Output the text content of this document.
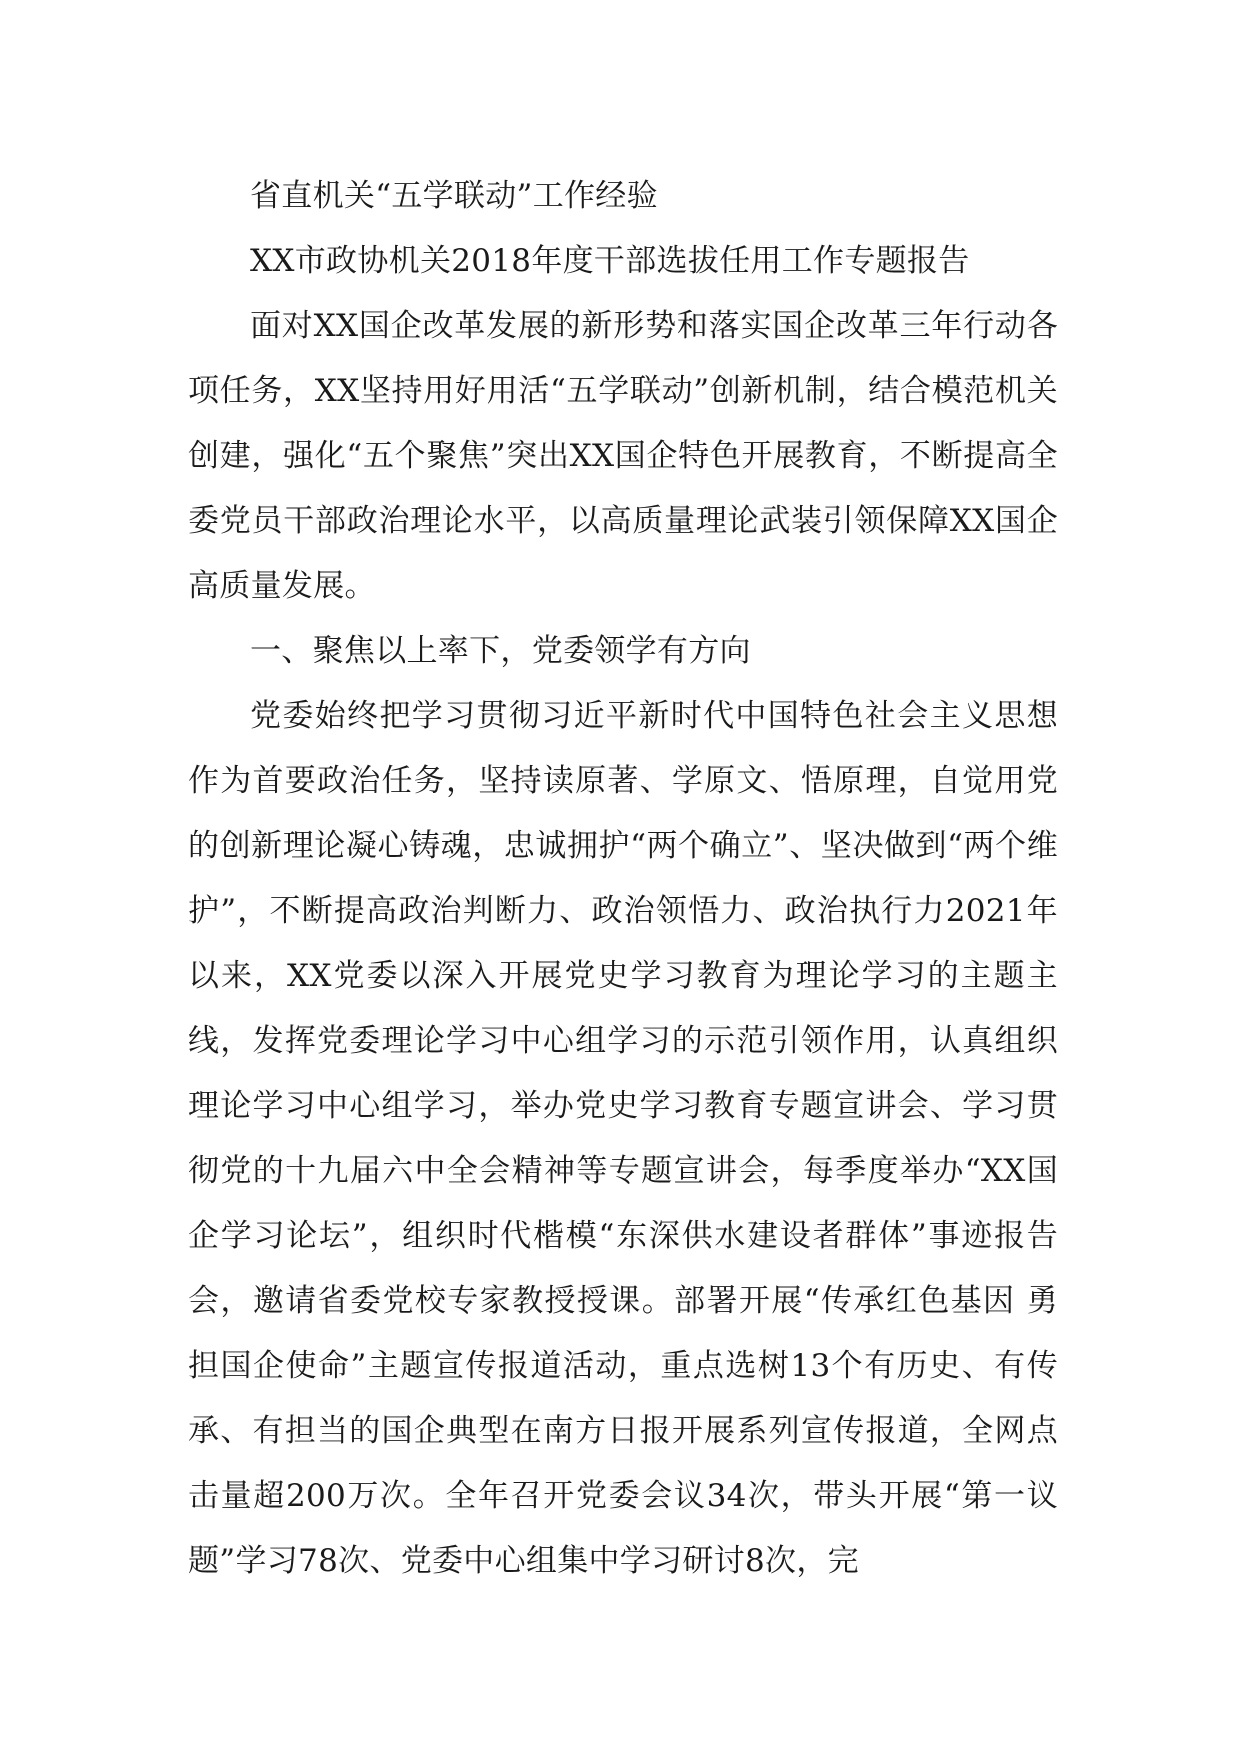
省直机关“五学联动”工作经验

XX市政协机关2018年度干部选拔任用工作专题报告

面对XX国企改革发展的新形势和落实国企改革三年行动各项任务，XX坚持用好用活“五学联动”创新机制，结合模范机关创建，强化“五个聚焦”突出XX国企特色开展教育，不断提高全委党员干部政治理论水平，以高质量理论武装引领保障XX国企高质量发展。

一、聚焦以上率下，党委领学有方向

党委始终把学习贯彻习近平新时代中国特色社会主义思想作为首要政治任务，坚持读原著、学原文、悟原理，自觉用党的创新理论凝心铸魂，忠诚拥护“两个确立”、坚决做到“两个维护”，不断提高政治判断力、政治领悟力、政治执行力2021年以来，XX党委以深入开展党史学习教育为理论学习的主题主线，发挥党委理论学习中心组学习的示范引领作用，认真组织理论学习中心组学习，举办党史学习教育专题宣讲会、学习贯彻党的十九届六中全会精神等专题宣讲会，每季度举办“XX国企学习论坛”，组织时代楷模“东深供水建设者群体”事迹报告会，邀请省委党校专家教授授课。部署开展“传承红色基因 勇担国企使命”主题宣传报道活动，重点选树13个有历史、有传承、有担当的国企典型在南方日报开展系列宣传报道，全网点击量超200万次。全年召开党委会议34次，带头开展“第一议题”学习78次、党委中心组集中学习研讨8次，完
